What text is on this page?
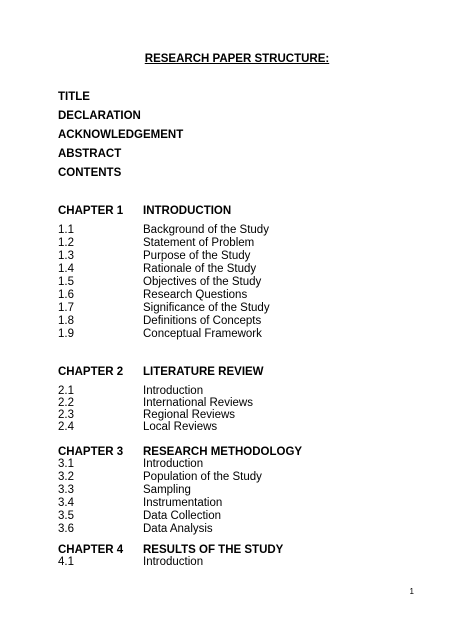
RESEARCH PAPER STRUCTURE:
TITLE
DECLARATION
ACKNOWLEDGEMENT
ABSTRACT
CONTENTS
CHAPTER 1 INTRODUCTION
1.1	Background of the Study
1.2	Statement of Problem
1.3	Purpose of the Study
1.4	Rationale of the Study
1.5	Objectives of the Study
1.6	Research Questions
1.7	Significance of the Study
1.8	Definitions of Concepts
1.9	Conceptual Framework
CHAPTER 2 LITERATURE REVIEW
2.1	Introduction
2.2	International Reviews
2.3	Regional Reviews
2.4	Local Reviews
CHAPTER 3 RESEARCH METHODOLOGY
3.1	Introduction
3.2	Population of the Study
3.3	Sampling
3.4	Instrumentation
3.5	Data Collection
3.6	Data Analysis
CHAPTER 4 RESULTS OF THE STUDY
4.1	Introduction
1
